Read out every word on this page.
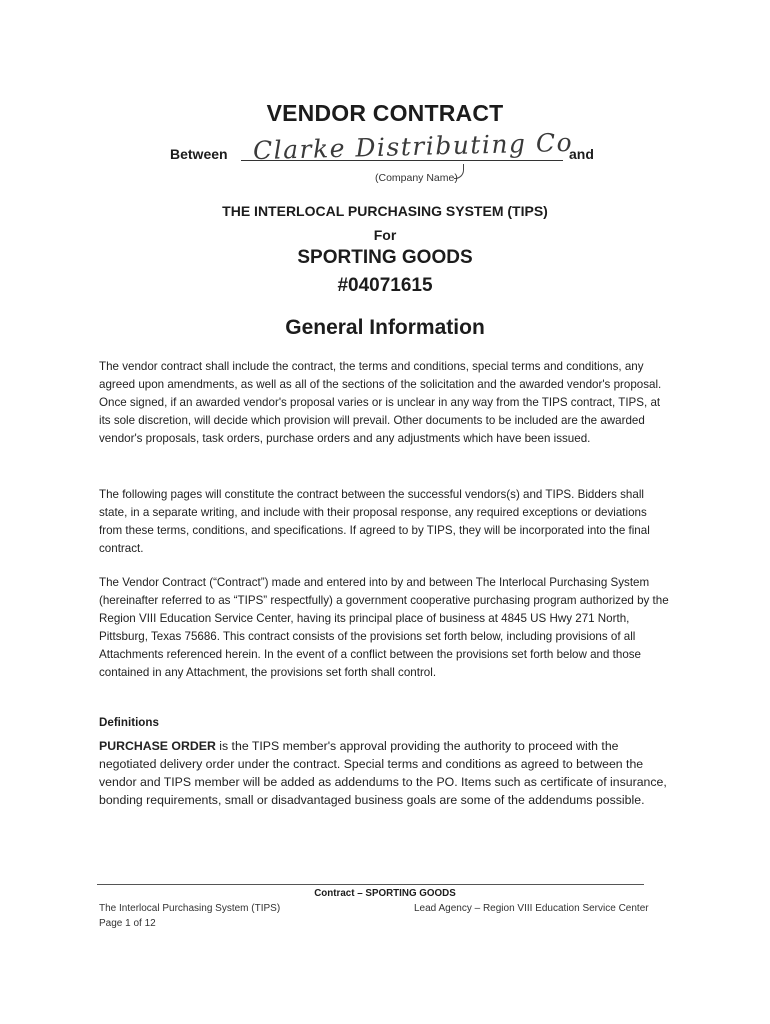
VENDOR CONTRACT
Between Clarke Distributing Co
(Company Name)
and
THE INTERLOCAL PURCHASING SYSTEM (TIPS)
For
SPORTING GOODS
#04071615
General Information

The vendor contract shall include the contract, the terms and conditions, special terms and conditions, any agreed upon amendments, as well as all of the sections of the solicitation and the awarded vendor's proposal. Once signed, if an awarded vendor's proposal varies or is unclear in any way from the TIPS contract, TIPS, at its sole discretion, will decide which provision will prevail. Other documents to be included are the awarded vendor's proposals, task orders, purchase orders and any adjustments which have been issued.

The following pages will constitute the contract between the successful vendors(s) and TIPS. Bidders shall state, in a separate writing, and include with their proposal response, any required exceptions or deviations from these terms, conditions, and specifications. If agreed to by TIPS, they will be incorporated into the final contract.

The Vendor Contract (“Contract”) made and entered into by and between The Interlocal Purchasing System (hereinafter referred to as “TIPS” respectfully) a government cooperative purchasing program authorized by the Region VIII Education Service Center, having its principal place of business at 4845 US Hwy 271 North, Pittsburg, Texas 75686. This contract consists of the provisions set forth below, including provisions of all Attachments referenced herein. In the event of a conflict between the provisions set forth below and those contained in any Attachment, the provisions set forth shall control.

Definitions

PURCHASE ORDER is the TIPS member's approval providing the authority to proceed with the negotiated delivery order under the contract. Special terms and conditions as agreed to between the vendor and TIPS member will be added as addendums to the PO. Items such as certificate of insurance, bonding requirements, small or disadvantaged business goals are some of the addendums possible.

Contract – SPORTING GOODS
The Interlocal Purchasing System (TIPS)
Page 1 of 12
Lead Agency – Region VIII Education Service Center
